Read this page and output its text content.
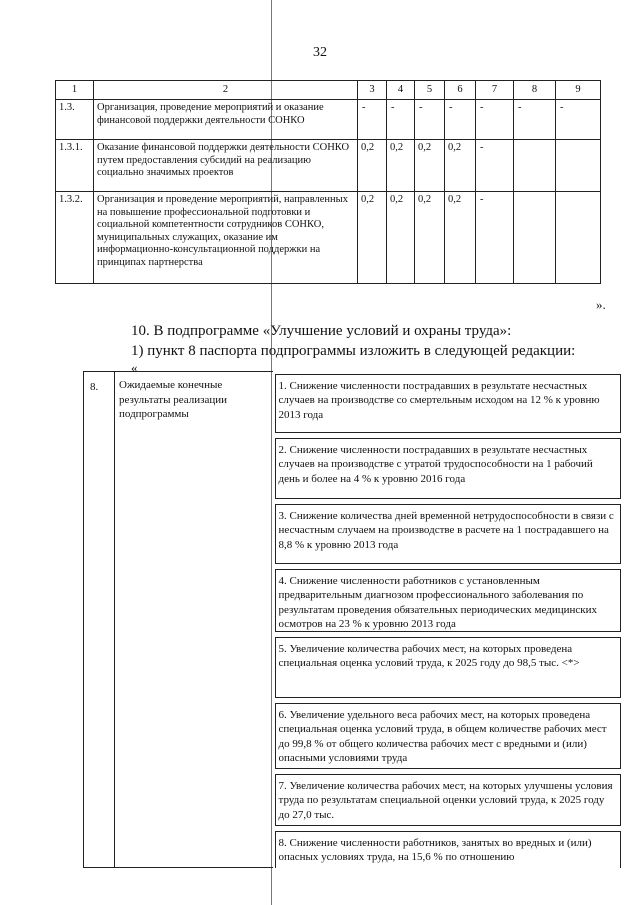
32
1	2	3	4	5	6	7	8	9
1.3.	Организация, проведение мероприятий и оказание финансовой поддержки деятельности СОНКО	-	-	-	-	-	-	-
1.3.1.	Оказание финансовой поддержки деятельности СОНКО путем предоставления субсидий на реализацию социально значимых проектов	0,2	0,2	0,2	0,2	-		
1.3.2.	Организация и проведение мероприятий, направленных на повышение профессиональной подготовки и социальной компетентности сотрудников СОНКО, муниципальных служащих, оказание им информационно-консультационной поддержки на принципах партнерства	0,2	0,2	0,2	0,2	-		
».
10. В подпрограмме «Улучшение условий и охраны труда»:
1) пункт 8 паспорта подпрограммы изложить в следующей редакции:
«
8.	Ожидаемые конечные результаты реализации подпрограммы	
1. Снижение численности пострадавших в результате несчастных случаев на производстве со смертельным исходом на 12 % к уровню 2013 года
2. Снижение численности пострадавших в результате несчастных случаев на производстве с утратой трудоспособности на 1 рабочий день и более на 4 % к уровню 2016 года
3. Снижение количества дней временной нетрудоспособности в связи с несчастным случаем на производстве в расчете на 1 пострадавшего на 8,8 % к уровню 2013 года
4. Снижение численности работников с установленным предварительным диагнозом профессионального заболевания по результатам проведения обязательных периодических медицинских осмотров на 23 % к уровню 2013 года
5. Увеличение количества рабочих мест, на которых проведена специальная оценка условий труда, к 2025 году до 98,5 тыс. <*>
6. Увеличение удельного веса рабочих мест, на которых проведена специальная оценка условий труда, в общем количестве рабочих мест до 99,8 % от общего количества рабочих мест с вредными и (или) опасными условиями труда
7. Увеличение количества рабочих мест, на которых улучшены условия труда по результатам специальной оценки условий труда, к 2025 году до 27,0 тыс.
8. Снижение численности работников, занятых во вредных и (или) опасных условиях труда, на 15,6 % по отношению
